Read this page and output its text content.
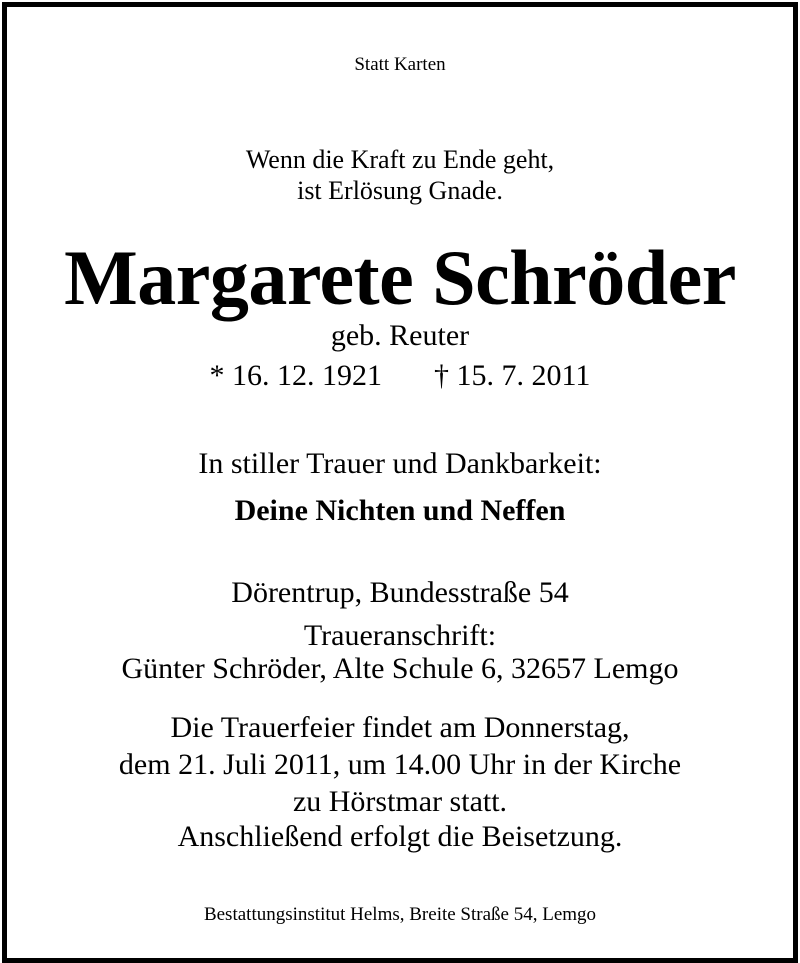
Statt Karten
Wenn die Kraft zu Ende geht,
ist Erlösung Gnade.
Margarete Schröder
geb. Reuter
* 16. 12. 1921 † 15. 7. 2011
In stiller Trauer und Dankbarkeit:
Deine Nichten und Neffen
Dörentrup, Bundesstraße 54
Traueranschrift:
Günter Schröder, Alte Schule 6, 32657 Lemgo
Die Trauerfeier findet am Donnerstag,
dem 21. Juli 2011, um 14.00 Uhr in der Kirche
zu Hörstmar statt.
Anschließend erfolgt die Beisetzung.
Bestattungsinstitut Helms, Breite Straße 54, Lemgo
